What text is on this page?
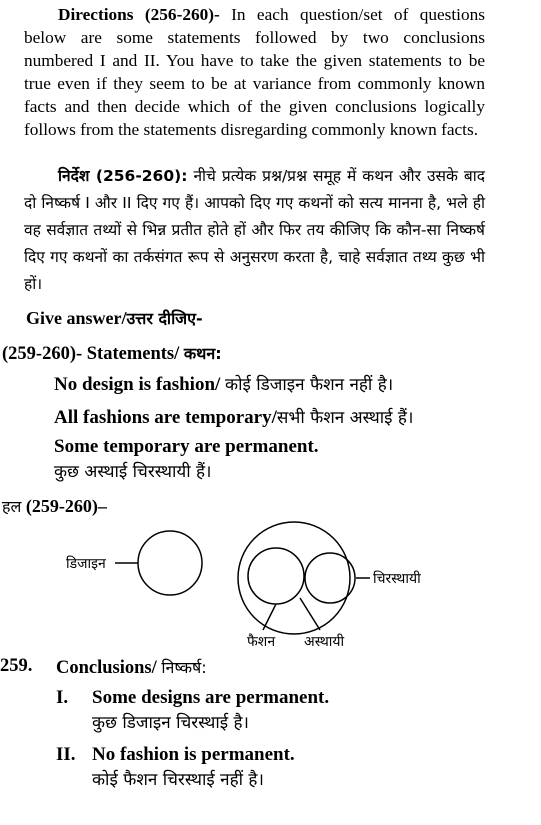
Directions (256-260)- In each question/set of questions below are some statements followed by two conclusions numbered I and II. You have to take the given statements to be true even if they seem to be at variance from commonly known facts and then decide which of the given conclusions logically follows from the statements disregarding commonly known facts.
निर्देश (256-260): नीचे प्रत्येक प्रश्न/प्रश्न समूह में कथन और उसके बाद दो निष्कर्ष I और II दिए गए हैं। आपको दिए गए कथनों को सत्य मानना है, भले ही वह सर्वज्ञात तथ्यों से भिन्न प्रतीत होते हों और फिर तय कीजिए कि कौन-सा निष्कर्ष दिए गए कथनों का तर्कसंगत रूप से अनुसरण करता है, चाहे सर्वज्ञात तथ्य कुछ भी हों।
Give answer/उत्तर दीजिए-
(259-260)- Statements/ कथन:
No design is fashion/ कोई डिजाइन फैशन नहीं है।
All fashions are temporary/सभी फैशन अस्थाई हैं।
Some temporary are permanent.
कुछ अस्थाई चिरस्थायी हैं।
हल (259-260)–
डिजाइन
चिरस्थायी
फैशन अस्थायी
259. Conclusions/ निष्कर्ष:
I. Some designs are permanent.
कुछ डिजाइन चिरस्थाई है।
II. No fashion is permanent.
कोई फैशन चिरस्थाई नहीं है।
